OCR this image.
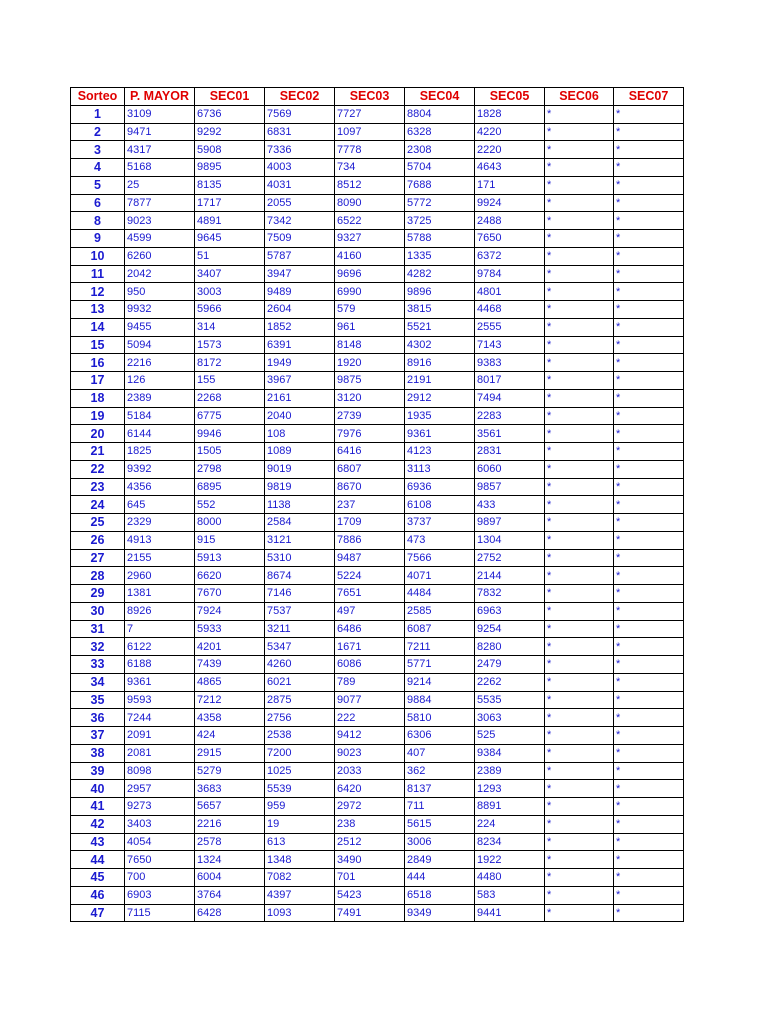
Sorteo	P. MAYOR	SEC01	SEC02	SEC03	SEC04	SEC05	SEC06	SEC07
1	3109	6736	7569	7727	8804	1828	*	*
2	9471	9292	6831	1097	6328	4220	*	*
3	4317	5908	7336	7778	2308	2220	*	*
4	5168	9895	4003	734	5704	4643	*	*
5	25	8135	4031	8512	7688	171	*	*
6	7877	1717	2055	8090	5772	9924	*	*
8	9023	4891	7342	6522	3725	2488	*	*
9	4599	9645	7509	9327	5788	7650	*	*
10	6260	51	5787	4160	1335	6372	*	*
11	2042	3407	3947	9696	4282	9784	*	*
12	950	3003	9489	6990	9896	4801	*	*
13	9932	5966	2604	579	3815	4468	*	*
14	9455	314	1852	961	5521	2555	*	*
15	5094	1573	6391	8148	4302	7143	*	*
16	2216	8172	1949	1920	8916	9383	*	*
17	126	155	3967	9875	2191	8017	*	*
18	2389	2268	2161	3120	2912	7494	*	*
19	5184	6775	2040	2739	1935	2283	*	*
20	6144	9946	108	7976	9361	3561	*	*
21	1825	1505	1089	6416	4123	2831	*	*
22	9392	2798	9019	6807	3113	6060	*	*
23	4356	6895	9819	8670	6936	9857	*	*
24	645	552	1138	237	6108	433	*	*
25	2329	8000	2584	1709	3737	9897	*	*
26	4913	915	3121	7886	473	1304	*	*
27	2155	5913	5310	9487	7566	2752	*	*
28	2960	6620	8674	5224	4071	2144	*	*
29	1381	7670	7146	7651	4484	7832	*	*
30	8926	7924	7537	497	2585	6963	*	*
31	7	5933	3211	6486	6087	9254	*	*
32	6122	4201	5347	1671	7211	8280	*	*
33	6188	7439	4260	6086	5771	2479	*	*
34	9361	4865	6021	789	9214	2262	*	*
35	9593	7212	2875	9077	9884	5535	*	*
36	7244	4358	2756	222	5810	3063	*	*
37	2091	424	2538	9412	6306	525	*	*
38	2081	2915	7200	9023	407	9384	*	*
39	8098	5279	1025	2033	362	2389	*	*
40	2957	3683	5539	6420	8137	1293	*	*
41	9273	5657	959	2972	711	8891	*	*
42	3403	2216	19	238	5615	224	*	*
43	4054	2578	613	2512	3006	8234	*	*
44	7650	1324	1348	3490	2849	1922	*	*
45	700	6004	7082	701	444	4480	*	*
46	6903	3764	4397	5423	6518	583	*	*
47	7115	6428	1093	7491	9349	9441	*	*
